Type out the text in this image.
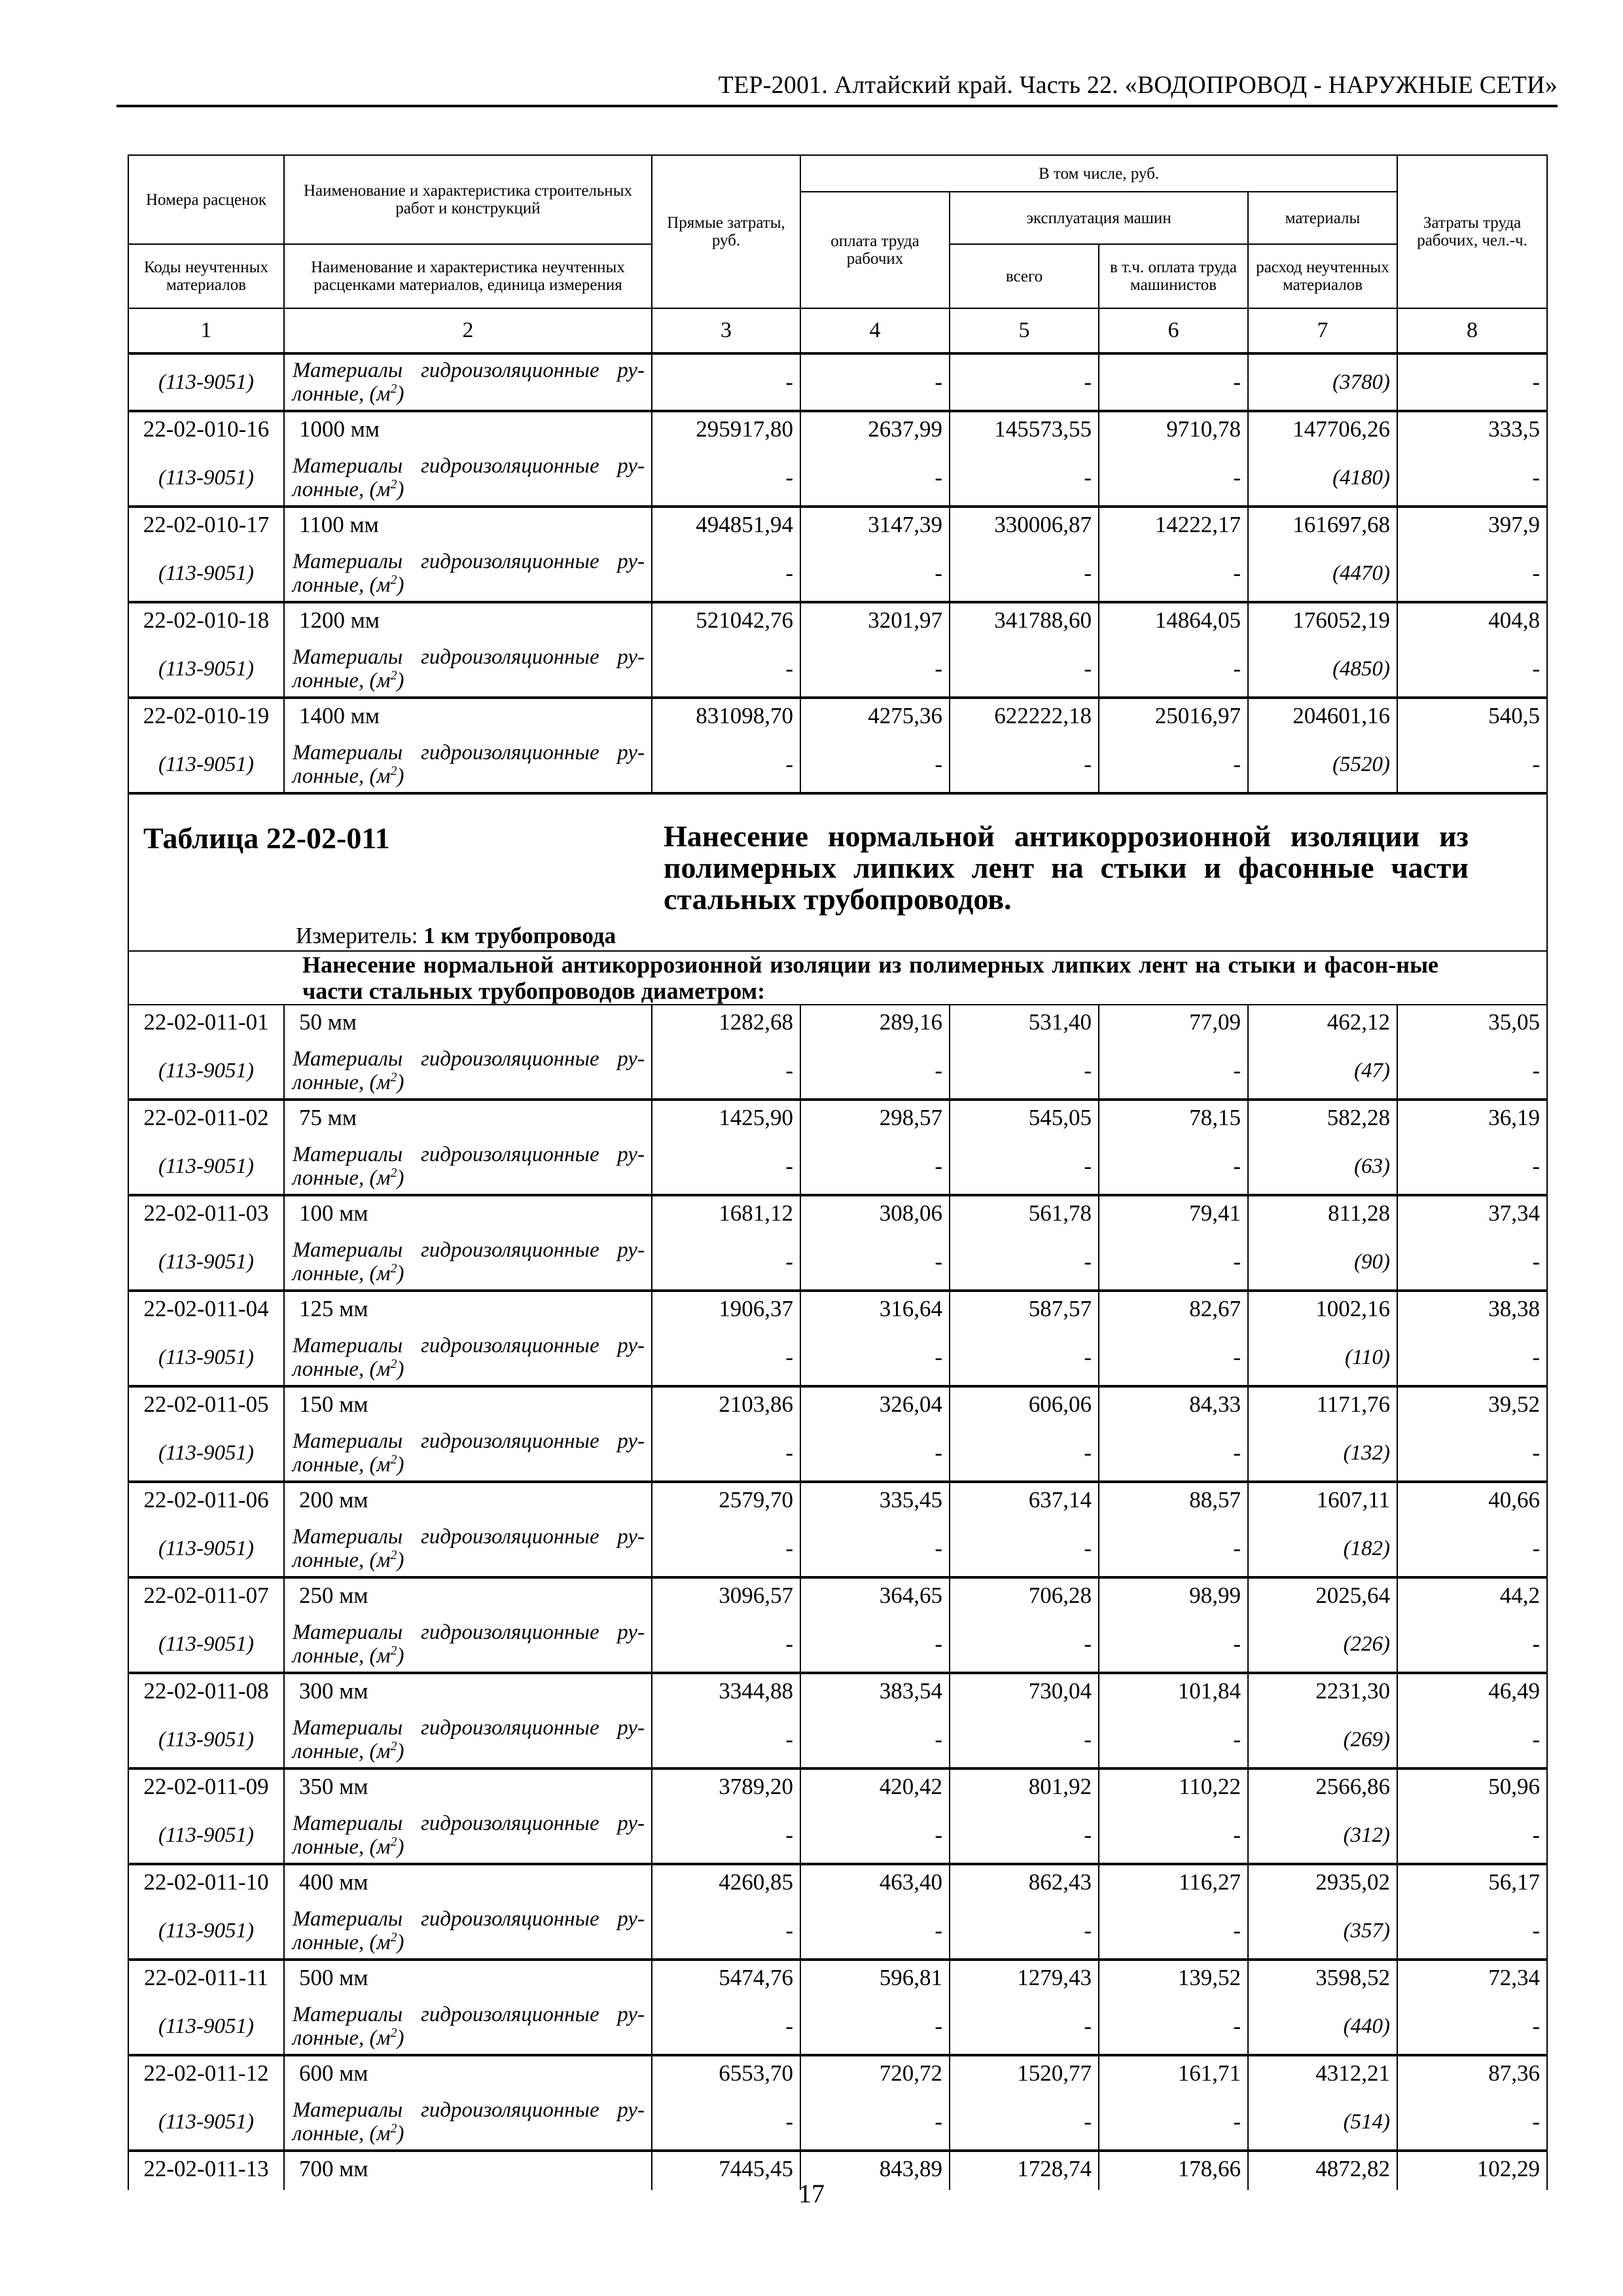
ТЕР-2001. Алтайский край. Часть 22. «ВОДОПРОВОД - НАРУЖНЫЕ СЕТИ»
Номера расценок	Наименование и характеристика строительных работ и конструкций	Прямые затраты, руб.	В том числе, руб.				Затраты труда рабочих, чел.-ч.
			оплата труда рабочих	эксплуатация машин		материалы	
Коды неучтенных материалов	Наименование и характеристика неучтенных расценками материалов, единица измерения			всего	в т.ч. оплата труда машинистов	расход неучтенных материалов	
1	2	3	4	5	6	7	8
(113-9051)	Материалы гидроизоляционные ру-лонные, $(м^2)$	-	-	-	-	(3780)	-
22-02-010-16	1000 мм	295917,80	2637,99	145573,55	9710,78	147706,26	333,5
(113-9051)	Материалы гидроизоляционные ру-лонные, $(м^2)$	-	-	-	-	(4180)	-
22-02-010-17	1100 мм	494851,94	3147,39	330006,87	14222,17	161697,68	397,9
(113-9051)	Материалы гидроизоляционные ру-лонные, $(м^2)$	-	-	-	-	(4470)	-
22-02-010-18	1200 мм	521042,76	3201,97	341788,60	14864,05	176052,19	404,8
(113-9051)	Материалы гидроизоляционные ру-лонные, $(м^2)$	-	-	-	-	(4850)	-
22-02-010-19	1400 мм	831098,70	4275,36	622222,18	25016,97	204601,16	540,5
(113-9051)	Материалы гидроизоляционные ру-лонные, $(м^2)$	-	-	-	-	(5520)	-

Таблица 22-02-011 Нанесение нормальной антикоррозионной изоляции из полимерных липких лент на стыки и фасонные части стальных трубопроводов.
Измеритель: 1 км трубопровода							

Нанесение нормальной антикоррозионной изоляции из полимерных липких лент на стыки и фасон-ные части стальных трубопроводов диаметром:							

22-02-011-01	50 мм	1282,68	289,16	531,40	77,09	462,12	35,05
(113-9051)	Материалы гидроизоляционные ру-лонные, $(м^2)$	-	-	-	-	(47)	-
22-02-011-02	75 мм	1425,90	298,57	545,05	78,15	582,28	36,19
(113-9051)	Материалы гидроизоляционные ру-лонные, $(м^2)$	-	-	-	-	(63)	-
22-02-011-03	100 мм	1681,12	308,06	561,78	79,41	811,28	37,34
(113-9051)	Материалы гидроизоляционные ру-лонные, $(м^2)$	-	-	-	-	(90)	-
22-02-011-04	125 мм	1906,37	316,64	587,57	82,67	1002,16	38,38
(113-9051)	Материалы гидроизоляционные ру-лонные, $(м^2)$	-	-	-	-	(110)	-
22-02-011-05	150 мм	2103,86	326,04	606,06	84,33	1171,76	39,52
(113-9051)	Материалы гидроизоляционные ру-лонные, $(м^2)$	-	-	-	-	(132)	-
22-02-011-06	200 мм	2579,70	335,45	637,14	88,57	1607,11	40,66
(113-9051)	Материалы гидроизоляционные ру-лонные, $(м^2)$	-	-	-	-	(182)	-
22-02-011-07	250 мм	3096,57	364,65	706,28	98,99	2025,64	44,2
(113-9051)	Материалы гидроизоляционные ру-лонные, $(м^2)$	-	-	-	-	(226)	-
22-02-011-08	300 мм	3344,88	383,54	730,04	101,84	2231,30	46,49
(113-9051)	Материалы гидроизоляционные ру-лонные, $(м^2)$	-	-	-	-	(269)	-
22-02-011-09	350 мм	3789,20	420,42	801,92	110,22	2566,86	50,96
(113-9051)	Материалы гидроизоляционные ру-лонные, $(м^2)$	-	-	-	-	(312)	-
22-02-011-10	400 мм	4260,85	463,40	862,43	116,27	2935,02	56,17
(113-9051)	Материалы гидроизоляционные ру-лонные, $(м^2)$	-	-	-	-	(357)	-
22-02-011-11	500 мм	5474,76	596,81	1279,43	139,52	3598,52	72,34
(113-9051)	Материалы гидроизоляционные ру-лонные, $(м^2)$	-	-	-	-	(440)	-
22-02-011-12	600 мм	6553,70	720,72	1520,77	161,71	4312,21	87,36
(113-9051)	Материалы гидроизоляционные ру-лонные, $(м^2)$	-	-	-	-	(514)	-
22-02-011-13	700 мм	7445,45	843,89	1728,74	178,66	4872,82	102,29
17
